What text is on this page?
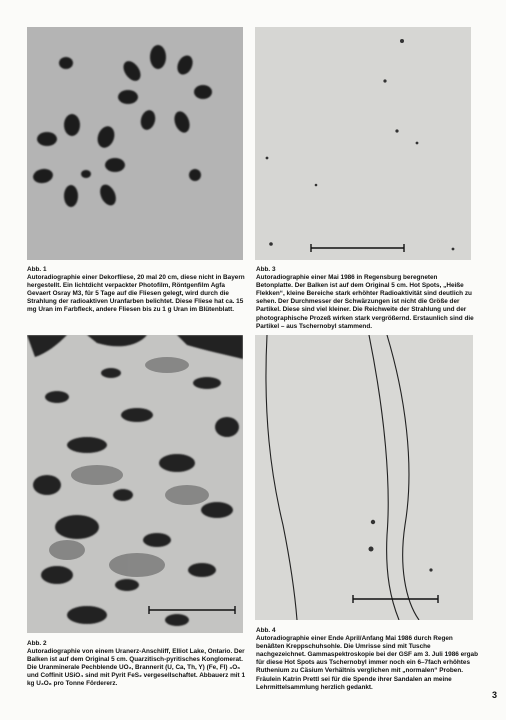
Abb. 1
Autoradiographie einer Dekorfliese, 20 mal 20 cm, diese nicht in Bayern hergestellt. Ein lichtdicht verpackter Photofilm, Röntgenfilm Agfa Gevaert Osray M3, für 5 Tage auf die Fliesen gelegt, wird durch die Strahlung der radioaktiven Uranfarben belichtet. Diese Fliese hat ca. 15 mg Uran im Farbfleck, andere Fliesen bis zu 1 g Uran im Blütenblatt.
Abb. 3
Autoradiographie einer Mai 1986 in Regensburg beregneten Betonplatte. Der Balken ist auf dem Original 5 cm. Hot Spots, „Heiße Flekken“, kleine Bereiche stark erhöhter Radioaktivität sind deutlich zu sehen. Der Durchmesser der Schwärzungen ist nicht die Größe der Partikel. Diese sind viel kleiner. Die Reichweite der Strahlung und der photographische Prozeß wirken stark vergrößernd. Erstaunlich sind die Partikel – aus Tschernobyl stammend.
Abb. 2
Autoradiographie von einem Uranerz-Anschliff, Elliot Lake, Ontario. Der Balken ist auf dem Original 5 cm. Quarzitisch-pyritisches Konglomerat. Die Uranminerale Pechblende UO₂, Brannerit (U, Ca, Th, Y) (Fe, Fl) ₃O₆ und Coffinit USiO₄ sind mit Pyrit FeS₂ vergesellschaftet. Abbauerz mit 1 kg U₃O₈ pro Tonne Fördererz.
Abb. 4
Autoradiographie einer Ende April/Anfang Mai 1986 durch Regen benäßten Kreppschuhsohle. Die Umrisse sind mit Tusche nachgezeichnet. Gammaspektroskopie bei der GSF am 3. Juli 1986 ergab für diese Hot Spots aus Tschernobyl immer noch ein 6–7fach erhöhtes Ruthenium zu Cäsium Verhältnis verglichen mit „normalen“ Proben. Fräulein Katrin Prettl sei für die Spende ihrer Sandalen an meine Lehrmittelsammlung herzlich gedankt.
3
